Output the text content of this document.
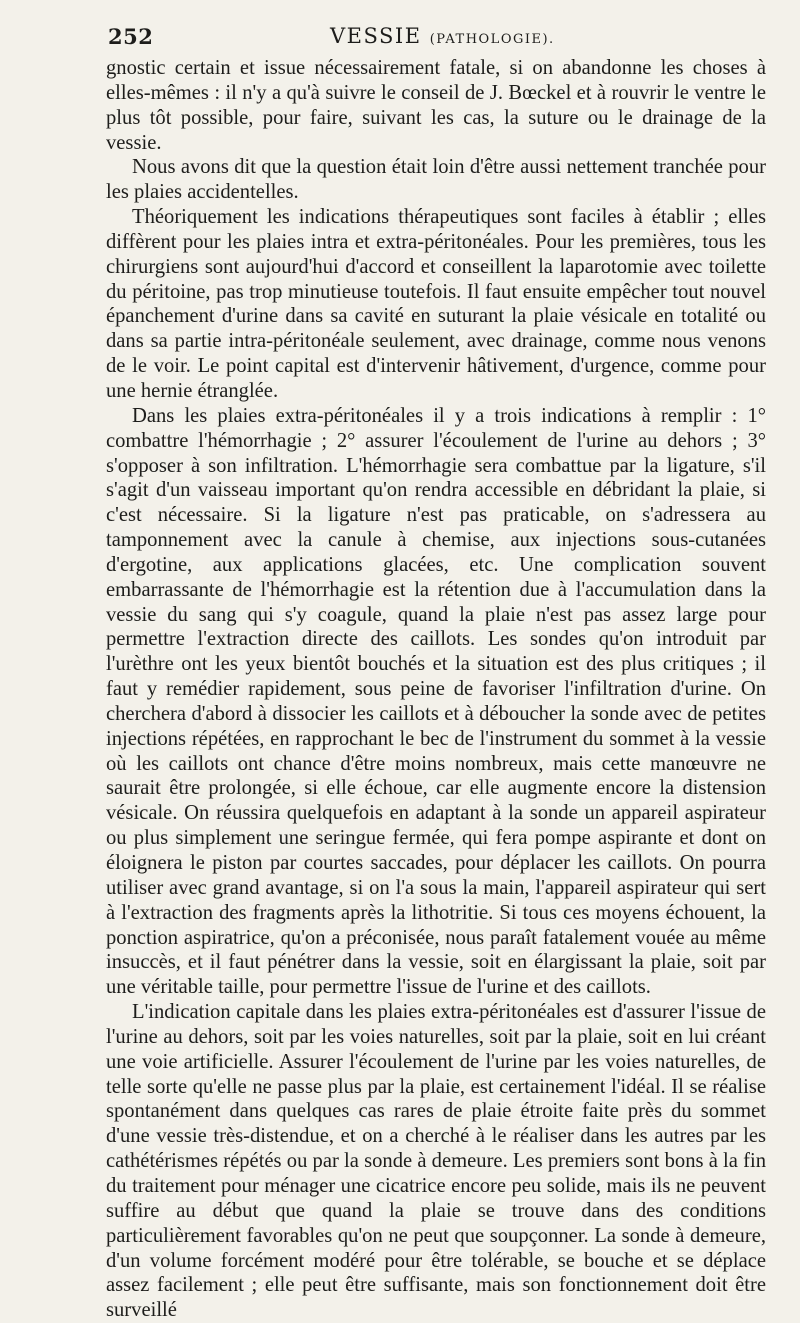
252	VESSIE (PATHOLOGIE).

gnostic certain et issue nécessairement fatale, si on abandonne les choses à elles-mêmes : il n'y a qu'à suivre le conseil de J. Bœckel et à rouvrir le ventre le plus tôt possible, pour faire, suivant les cas, la suture ou le drainage de la vessie.

Nous avons dit que la question était loin d'être aussi nettement tranchée pour les plaies accidentelles.

Théoriquement les indications thérapeutiques sont faciles à établir ; elles diffèrent pour les plaies intra et extra-péritonéales. Pour les premières, tous les chirurgiens sont aujourd'hui d'accord et conseillent la laparotomie avec toilette du péritoine, pas trop minutieuse toutefois. Il faut ensuite empêcher tout nouvel épanchement d'urine dans sa cavité en suturant la plaie vésicale en totalité ou dans sa partie intra-péritonéale seulement, avec drainage, comme nous venons de le voir. Le point capital est d'intervenir hâtivement, d'urgence, comme pour une hernie étranglée.

Dans les plaies extra-péritonéales il y a trois indications à remplir : 1° combattre l'hémorrhagie ; 2° assurer l'écoulement de l'urine au dehors ; 3° s'opposer à son infiltration. L'hémorrhagie sera combattue par la ligature, s'il s'agit d'un vaisseau important qu'on rendra accessible en débridant la plaie, si c'est nécessaire. Si la ligature n'est pas praticable, on s'adressera au tamponnement avec la canule à chemise, aux injections sous-cutanées d'ergotine, aux applications glacées, etc. Une complication souvent embarrassante de l'hémorrhagie est la rétention due à l'accumulation dans la vessie du sang qui s'y coagule, quand la plaie n'est pas assez large pour permettre l'extraction directe des caillots. Les sondes qu'on introduit par l'urèthre ont les yeux bientôt bouchés et la situation est des plus critiques ; il faut y remédier rapidement, sous peine de favoriser l'infiltration d'urine. On cherchera d'abord à dissocier les caillots et à déboucher la sonde avec de petites injections répétées, en rapprochant le bec de l'instrument du sommet à la vessie où les caillots ont chance d'être moins nombreux, mais cette manœuvre ne saurait être prolongée, si elle échoue, car elle augmente encore la distension vésicale. On réussira quelquefois en adaptant à la sonde un appareil aspirateur ou plus simplement une seringue fermée, qui fera pompe aspirante et dont on éloignera le piston par courtes saccades, pour déplacer les caillots. On pourra utiliser avec grand avantage, si on l'a sous la main, l'appareil aspirateur qui sert à l'extraction des fragments après la lithotritie. Si tous ces moyens échouent, la ponction aspiratrice, qu'on a préconisée, nous paraît fatalement vouée au même insuccès, et il faut pénétrer dans la vessie, soit en élargissant la plaie, soit par une véritable taille, pour permettre l'issue de l'urine et des caillots.

L'indication capitale dans les plaies extra-péritonéales est d'assurer l'issue de l'urine au dehors, soit par les voies naturelles, soit par la plaie, soit en lui créant une voie artificielle. Assurer l'écoulement de l'urine par les voies naturelles, de telle sorte qu'elle ne passe plus par la plaie, est certainement l'idéal. Il se réalise spontanément dans quelques cas rares de plaie étroite faite près du sommet d'une vessie très-distendue, et on a cherché à le réaliser dans les autres par les cathétérismes répétés ou par la sonde à demeure. Les premiers sont bons à la fin du traitement pour ménager une cicatrice encore peu solide, mais ils ne peuvent suffire au début que quand la plaie se trouve dans des conditions particulièrement favorables qu'on ne peut que soupçonner. La sonde à demeure, d'un volume forcément modéré pour être tolérable, se bouche et se déplace assez facilement ; elle peut être suffisante, mais son fonctionnement doit être surveillé
